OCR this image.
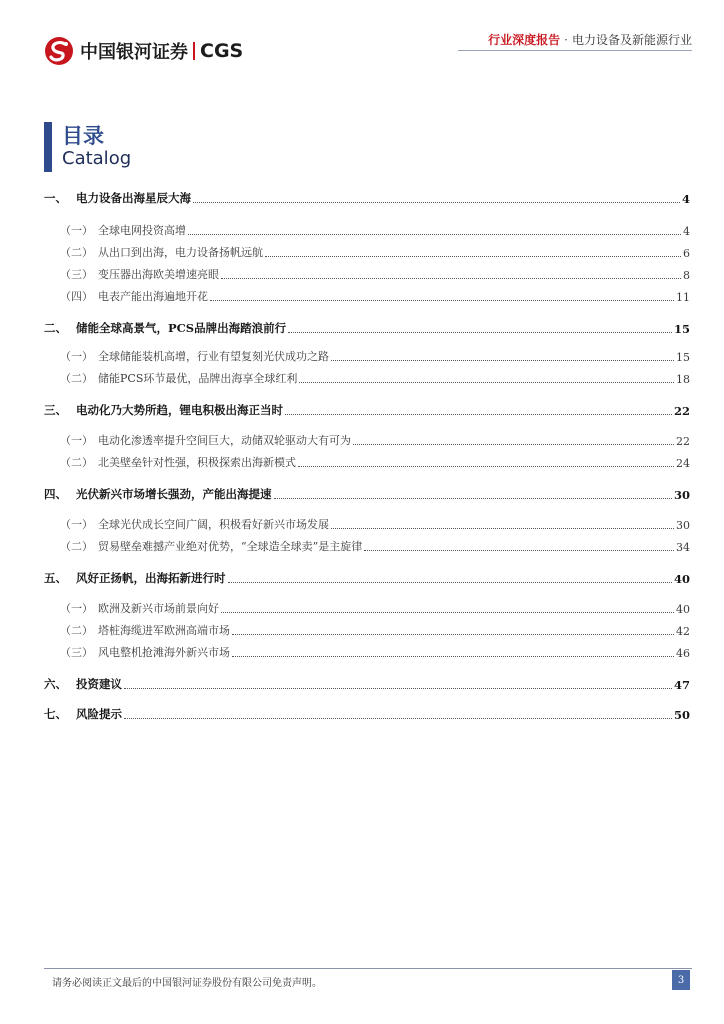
中国银河证券 CGS	行业深度报告 · 电力设备及新能源行业
目录
Catalog
一、 电力设备出海星辰大海	4
（一） 全球电网投资高增	4
（二） 从出口到出海，电力设备扬帆远航	6
（三） 变压器出海欧美增速亮眼	8
（四） 电表产能出海遍地开花	11
二、 储能全球高景气，PCS品牌出海踏浪前行	15
（一） 全球储能装机高增，行业有望复刻光伏成功之路	15
（二） 储能PCS环节最优，品牌出海享全球红利	18
三、 电动化乃大势所趋，锂电积极出海正当时	22
（一） 电动化渗透率提升空间巨大，动储双轮驱动大有可为	22
（二） 北美壁垒针对性强，积极探索出海新模式	24
四、 光伏新兴市场增长强劲，产能出海提速	30
（一） 全球光伏成长空间广阔，积极看好新兴市场发展	30
（二） 贸易壁垒难撼产业绝对优势，“全球造全球卖”是主旋律	34
五、 风好正扬帆，出海拓新进行时	40
（一） 欧洲及新兴市场前景向好	40
（二） 塔桩海缆进军欧洲高端市场	42
（三） 风电整机抢滩海外新兴市场	46
六、 投资建议	47
七、 风险提示	50
请务必阅读正文最后的中国银河证券股份有限公司免责声明。	3
